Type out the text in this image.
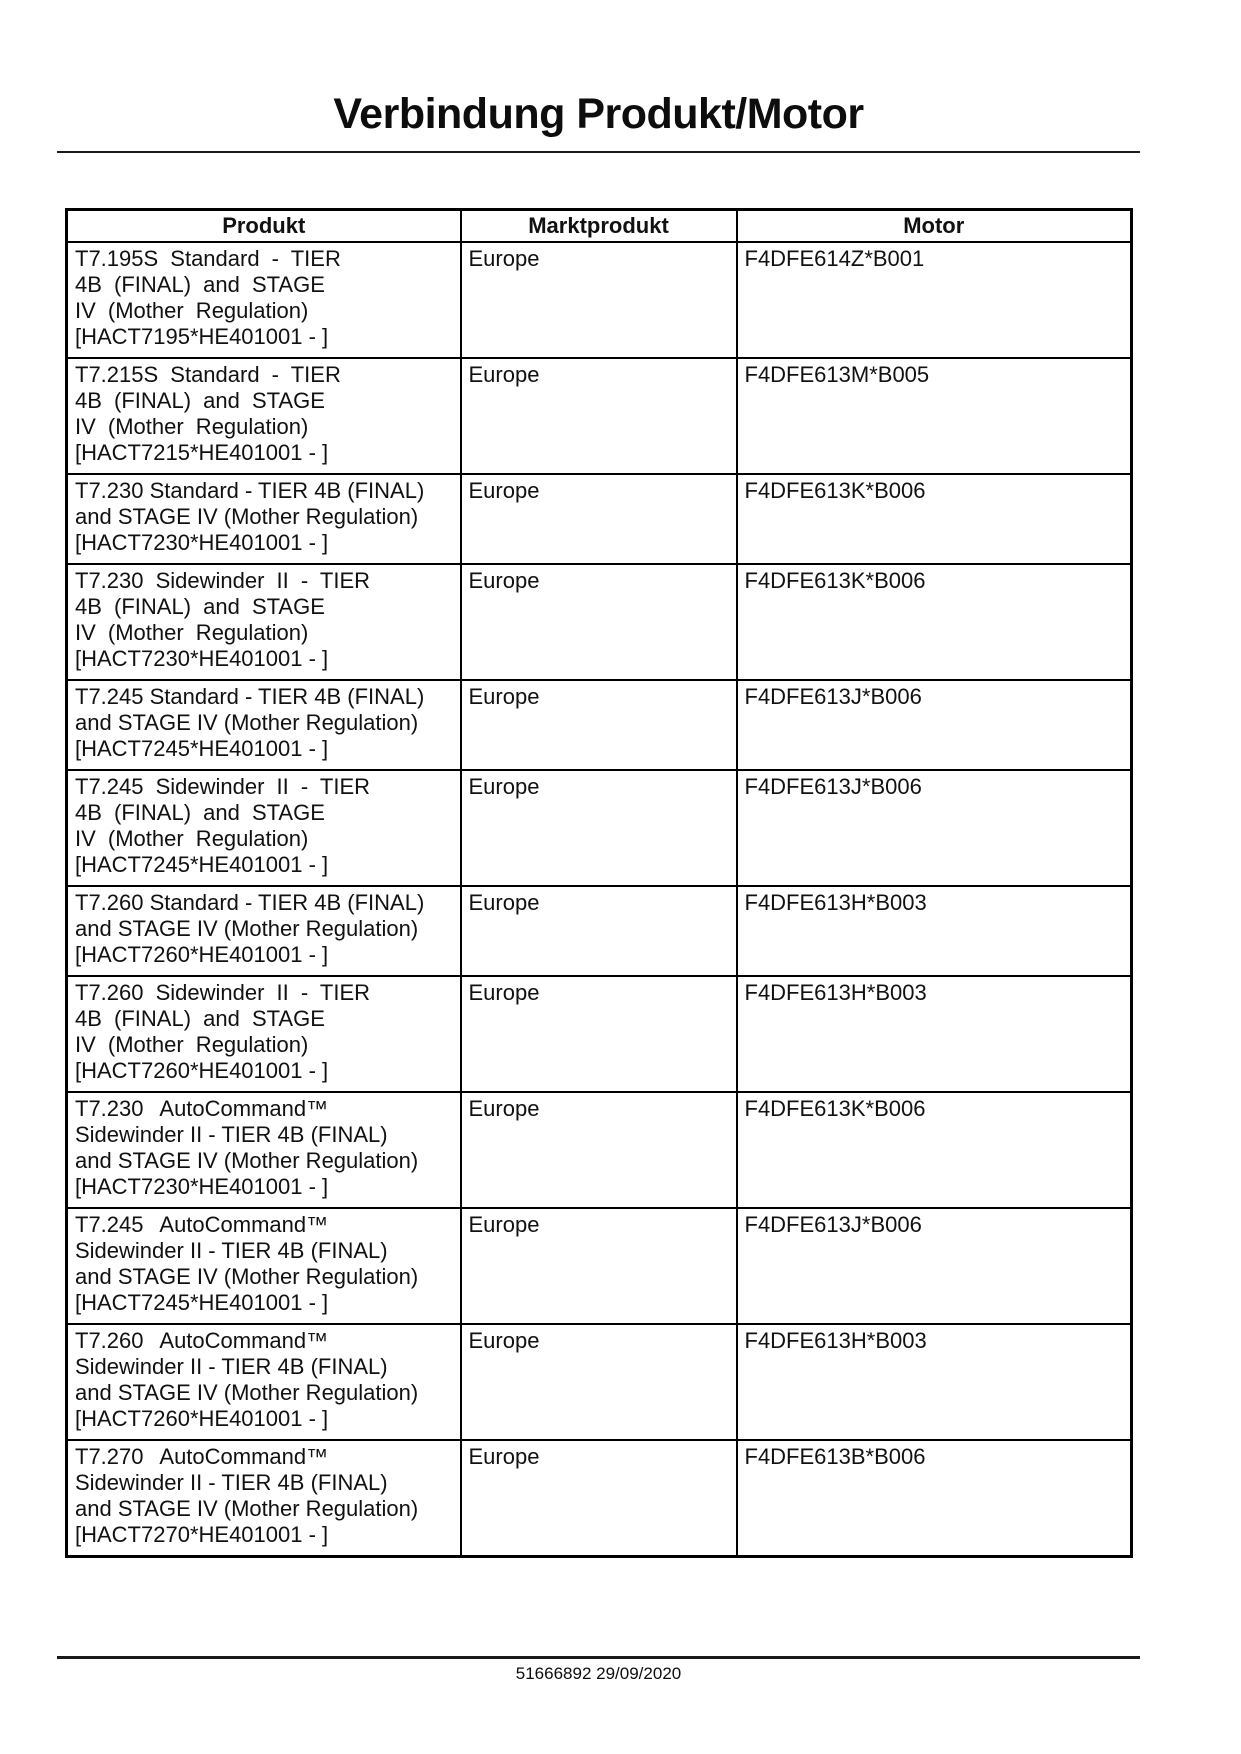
Verbindung Produkt/Motor
Produkt	Marktprodukt	Motor

T7.195S Standard - TIER
4B (FINAL) and STAGE
IV (Mother Regulation)
[HACT7195*HE401001 - ]	Europe	F4DFE614Z*B001

T7.215S Standard - TIER
4B (FINAL) and STAGE
IV (Mother Regulation)
[HACT7215*HE401001 - ]	Europe	F4DFE613M*B005

T7.230 Standard - TIER 4B (FINAL)
and STAGE IV (Mother Regulation)
[HACT7230*HE401001 - ]	Europe	F4DFE613K*B006

T7.230 Sidewinder II - TIER
4B (FINAL) and STAGE
IV (Mother Regulation)
[HACT7230*HE401001 - ]	Europe	F4DFE613K*B006

T7.245 Standard - TIER 4B (FINAL)
and STAGE IV (Mother Regulation)
[HACT7245*HE401001 - ]	Europe	F4DFE613J*B006

T7.245 Sidewinder II - TIER
4B (FINAL) and STAGE
IV (Mother Regulation)
[HACT7245*HE401001 - ]	Europe	F4DFE613J*B006

T7.260 Standard - TIER 4B (FINAL)
and STAGE IV (Mother Regulation)
[HACT7260*HE401001 - ]	Europe	F4DFE613H*B003

T7.260 Sidewinder II - TIER
4B (FINAL) and STAGE
IV (Mother Regulation)
[HACT7260*HE401001 - ]	Europe	F4DFE613H*B003

T7.230 AutoCommand™
Sidewinder II - TIER 4B (FINAL)
and STAGE IV (Mother Regulation)
[HACT7230*HE401001 - ]	Europe	F4DFE613K*B006

T7.245 AutoCommand™
Sidewinder II - TIER 4B (FINAL)
and STAGE IV (Mother Regulation)
[HACT7245*HE401001 - ]	Europe	F4DFE613J*B006

T7.260 AutoCommand™
Sidewinder II - TIER 4B (FINAL)
and STAGE IV (Mother Regulation)
[HACT7260*HE401001 - ]	Europe	F4DFE613H*B003

T7.270 AutoCommand™
Sidewinder II - TIER 4B (FINAL)
and STAGE IV (Mother Regulation)
[HACT7270*HE401001 - ]	Europe	F4DFE613B*B006
51666892 29/09/2020
